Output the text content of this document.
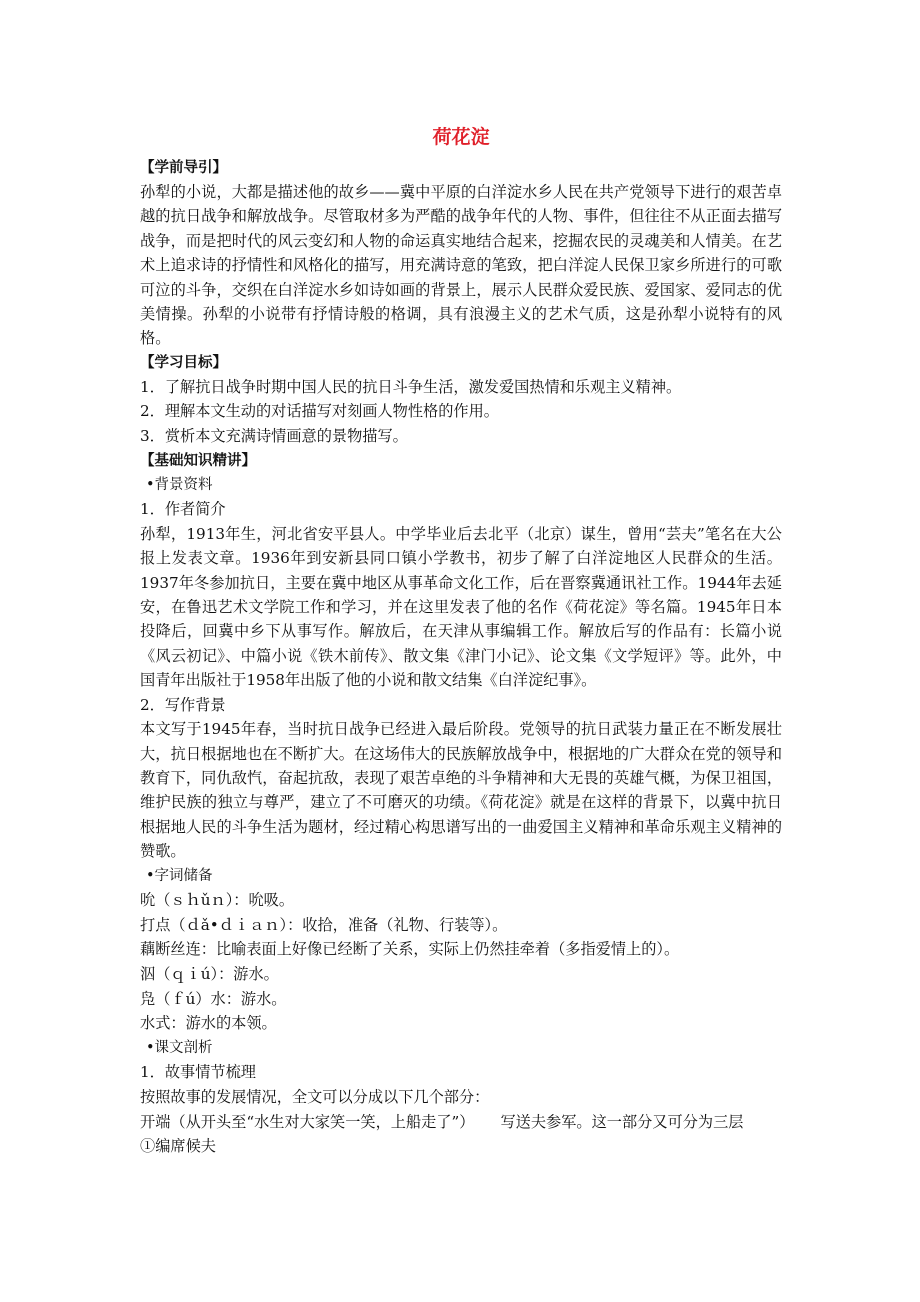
荷花淀
【学前导引】

孙犁的小说，大都是描述他的故乡——冀中平原的白洋淀水乡人民在共产党领导下进行的艰苦卓越的抗日战争和解放战争。尽管取材多为严酷的战争年代的人物、事件，但往往不从正面去描写战争，而是把时代的风云变幻和人物的命运真实地结合起来，挖掘农民的灵魂美和人情美。在艺术上追求诗的抒情性和风格化的描写，用充满诗意的笔致，把白洋淀人民保卫家乡所进行的可歌可泣的斗争，交织在白洋淀水乡如诗如画的背景上，展示人民群众爱民族、爱国家、爱同志的优美情操。孙犁的小说带有抒情诗般的格调，具有浪漫主义的艺术气质，这是孙犁小说特有的风格。

【学习目标】

1．了解抗日战争时期中国人民的抗日斗争生活，激发爱国热情和乐观主义精神。

2．理解本文生动的对话描写对刻画人物性格的作用。

3．赏析本文充满诗情画意的景物描写。

【基础知识精讲】

•背景资料

1．作者简介

孙犁，1913年生，河北省安平县人。中学毕业后去北平（北京）谋生，曾用“芸夫”笔名在大公报上发表文章。1936年到安新县同口镇小学教书，初步了解了白洋淀地区人民群众的生活。1937年冬参加抗日，主要在冀中地区从事革命文化工作，后在晋察冀通讯社工作。1944年去延安，在鲁迅艺术文学院工作和学习，并在这里发表了他的名作《荷花淀》等名篇。1945年日本投降后，回冀中乡下从事写作。解放后，在天津从事编辑工作。解放后写的作品有：长篇小说《风云初记》、中篇小说《铁木前传》、散文集《津门小记》、论文集《文学短评》等。此外，中国青年出版社于1958年出版了他的小说和散文结集《白洋淀纪事》。

2．写作背景

本文写于1945年春，当时抗日战争已经进入最后阶段。党领导的抗日武装力量正在不断发展壮大，抗日根据地也在不断扩大。在这场伟大的民族解放战争中，根据地的广大群众在党的领导和教育下，同仇敌忾，奋起抗敌，表现了艰苦卓绝的斗争精神和大无畏的英雄气概，为保卫祖国，维护民族的独立与尊严，建立了不可磨灭的功绩。《荷花淀》就是在这样的背景下，以冀中抗日根据地人民的斗争生活为题材，经过精心构思谱写出的一曲爱国主义精神和革命乐观主义精神的赞歌。

•字词储备

吮（ｓｈǔｎ）：吮吸。

打点（ｄǎ•ｄｉａｎ）：收拾，准备（礼物、行装等）。

藕断丝连：比喻表面上好像已经断了关系，实际上仍然挂牵着（多指爱情上的）。

泅（ｑｉú）：游水。

凫（ｆú）水：游水。

水式：游水的本领。

•课文剖析

1．故事情节梳理

按照故事的发展情况，全文可以分成以下几个部分：

开端（从开头至“水生对大家笑一笑，上船走了”） 写送夫参军。这一部分又可分为三层

①编席候夫
